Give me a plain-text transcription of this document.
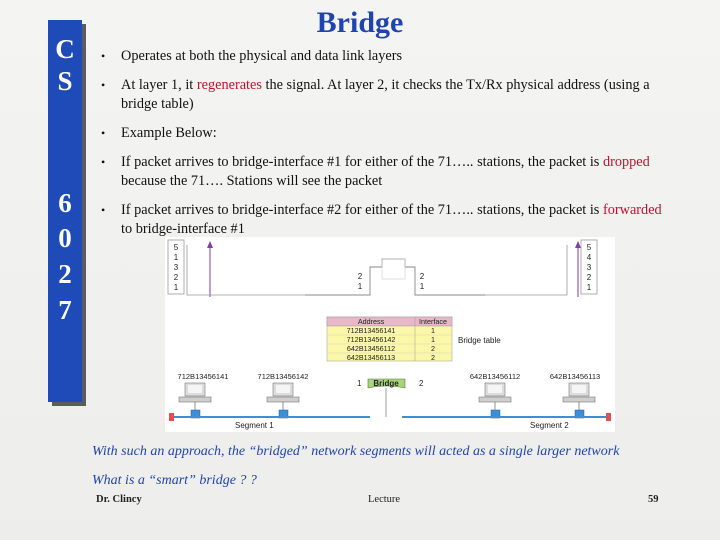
C
S
6
0
2
7
Bridge
• Operates at both the physical and data link layers
• At layer 1, it regenerates the signal. At layer 2, it checks the Tx/Rx physical address (using a bridge table)
• Example Below:
• If packet arrives to bridge-interface #1 for either of the 71….. stations, the packet is dropped because the 71…. Stations will see the packet
• If packet arrives to bridge-interface #2 for either of the 71….. stations, the packet is forwarded to bridge-interface #1
5
1
3
2
1
2
1
2
1
5
4
3
2
1
Address	Interface
712B13456141	1
712B13456142	1
642B13456112	2
642B13456113	2
Bridge table
712B13456141	712B13456142	642B13456112	642B13456113
Bridge
1	2
Segment 1	Segment 2
With such an approach, the “bridged” network segments will acted as a single larger network
What is a “smart” bridge ? ?
Dr. Clincy	Lecture	59
